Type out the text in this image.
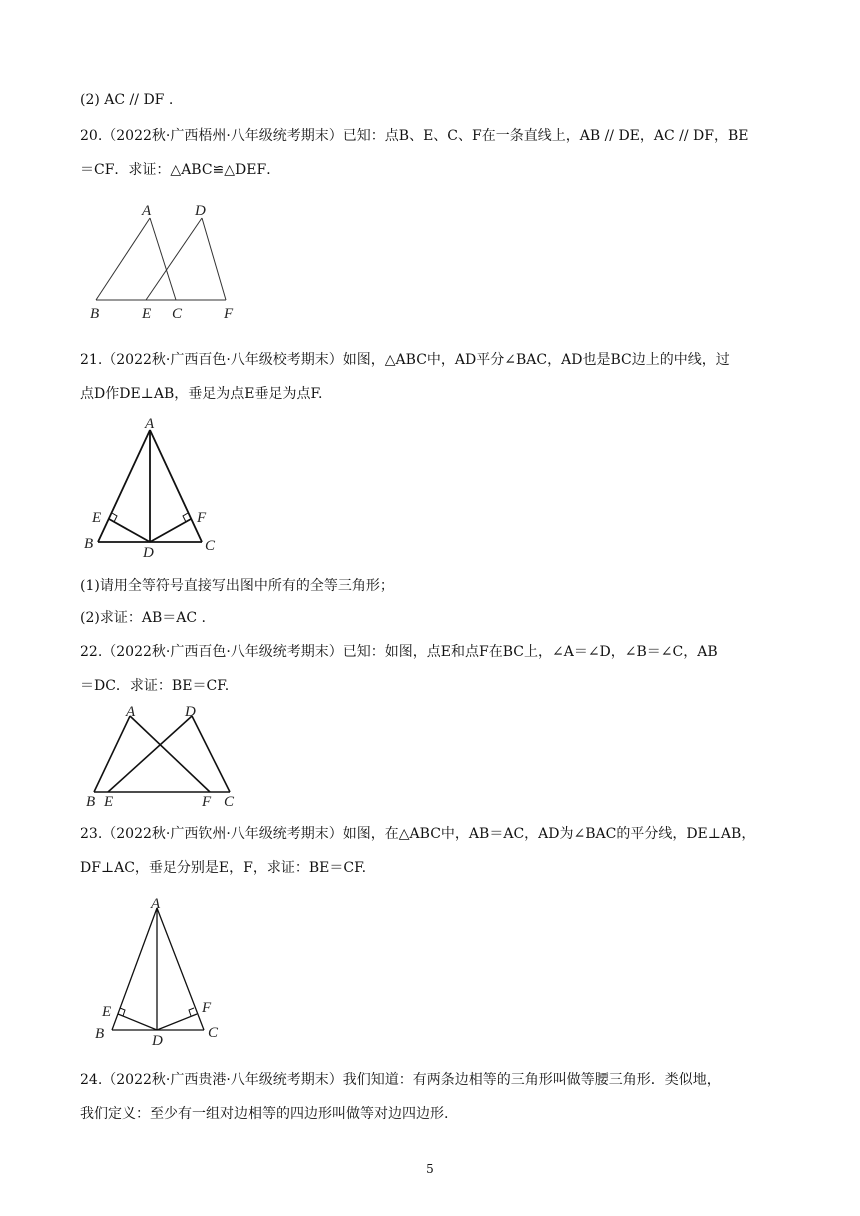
(2) AC // DF .
20.（2022秋·广西梧州·八年级统考期末）已知：点B、E、C、F在一条直线上，AB // DE，AC // DF，BE
＝CF．求证：△ABC≌△DEF．
A	D
B	E C	F
21.（2022秋·广西百色·八年级校考期末）如图，△ABC中，AD平分∠BAC，AD也是BC边上的中线，过
点D作DE⊥AB，垂足为点E垂足为点F.
A
E	F
B
D	C
(1)请用全等符号直接写出图中所有的全等三角形；
(2)求证：AB＝AC .
22.（2022秋·广西百色·八年级统考期末）已知：如图，点E和点F在BC上，∠A＝∠D，∠B＝∠C，AB
＝DC．求证：BE＝CF.
A	D
B E	F C
23.（2022秋·广西钦州·八年级统考期末）如图，在△ABC中，AB＝AC，AD为∠BAC的平分线，DE⊥AB，
DF⊥AC，垂足分别是E，F，求证：BE＝CF.
A
E	F
B	D	C
24.（2022秋·广西贵港·八年级统考期末）我们知道：有两条边相等的三角形叫做等腰三角形．类似地，
我们定义：至少有一组对边相等的四边形叫做等对边四边形.
5
